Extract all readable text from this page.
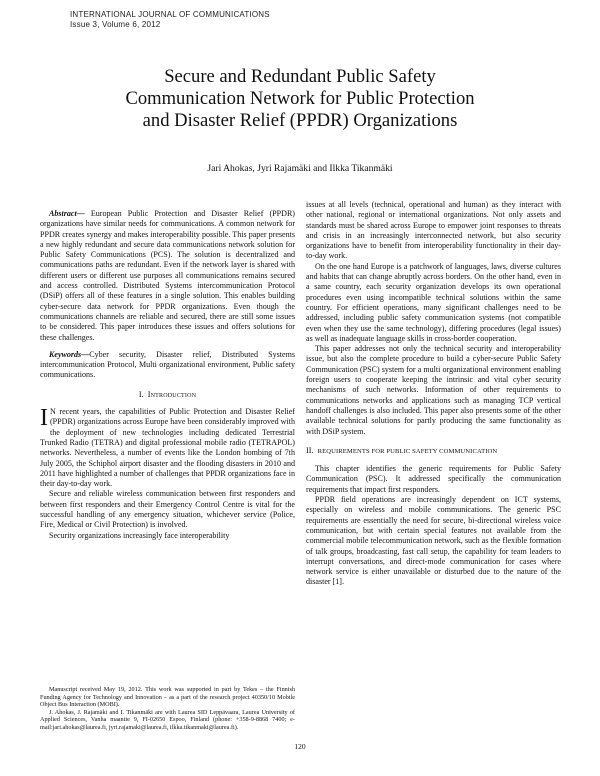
INTERNATIONAL JOURNAL OF COMMUNICATIONS
Issue 3, Volume 6, 2012
Secure and Redundant Public Safety
Communication Network for Public Protection
and Disaster Relief (PPDR) Organizations
Jari Ahokas, Jyri Rajamäki and Ilkka Tikanmäki

Abstract— European Public Protection and Disaster Relief (PPDR) organizations have similar needs for communications. A common network for PPDR creates synergy and makes interoperability possible. This paper presents a new highly redundant and secure data communications network solution for Public Safety Communications (PCS). The solution is decentralized and communications paths are redundant. Even if the network layer is shared with different users or different use purposes all communications remains secured and access controlled. Distributed Systems intercommunication Protocol (DSiP) offers all of these features in a single solution. This enables building cyber-secure data network for PPDR organizations. Even though the communications channels are reliable and secured, there are still some issues to be considered. This paper introduces these issues and offers solutions for these challenges.

Keywords—Cyber security, Disaster relief, Distributed Systems intercommunication Protocol, Multi organizational environment, Public safety communications.

I. Introduction

I N recent years, the capabilities of Public Protection and Disaster Relief (PPDR) organizations across Europe have been considerably improved with the deployment of new technologies including dedicated Terrestrial Trunked Radio (TETRA) and digital professional mobile radio (TETRAPOL) networks. Nevertheless, a number of events like the London bombing of 7th July 2005, the Schiphol airport disaster and the flooding disasters in 2010 and 2011 have highlighted a number of challenges that PPDR organizations face in their day-to-day work.

Secure and reliable wireless communication between first responders and between first responders and their Emergency Control Centre is vital for the successful handling of any emergency situation, whichever service (Police, Fire, Medical or Civil Protection) is involved.

Security organizations increasingly face interoperability

Manuscript received May 19, 2012. This work was supported in part by Tekes – the Finnish Funding Agency for Technology and Innovation – as a part of the research project 40350/10 Mobile Object Bus Interaction (MOBI).

J. Ahokas, J. Rajamäki and I. Tikanmäki are with Laurea SID Leppävaara, Laurea University of Applied Sciences, Vanha maantie 9, FI-02650 Espoo, Finland (phone: +358-9-8868 7400; e-mail:jari.ahokas@laurea.fi, jyri.rajamaki@laurea.fi, ilkka.tikanmaki@laurea.fi).

issues at all levels (technical, operational and human) as they interact with other national, regional or international organizations. Not only assets and standards must be shared across Europe to empower joint responses to threats and crisis in an increasingly interconnected network, but also security organizations have to benefit from interoperability functionality in their day-to-day work.

On the one hand Europe is a patchwork of languages, laws, diverse cultures and habits that can change abruptly across borders. On the other hand, even in a same country, each security organization develops its own operational procedures even using incompatible technical solutions within the same country. For efficient operations, many significant challenges need to be addressed, including public safety communication systems (not compatible even when they use the same technology), differing procedures (legal issues) as well as inadequate language skills in cross-border cooperation.

This paper addresses not only the technical security and interoperability issue, but also the complete procedure to build a cyber-secure Public Safety Communication (PSC) system for a multi organizational environment enabling foreign users to cooperate keeping the intrinsic and vital cyber security mechanisms of such networks. Information of other requirements to communications networks and applications such as managing TCP vertical handoff challenges is also included. This paper also presents some of the other available technical solutions for partly producing the same functionality as with DSiP system.

II. REQUIREMENTS FOR PUBLIC SAFETY COMMUNICATION

This chapter identifies the generic requirements for Public Safety Communication (PSC). It addressed specifically the communication requirements that impact first responders.

PPDR field operations are increasingly dependent on ICT systems, especially on wireless and mobile communications. The generic PSC requirements are essentially the need for secure, bi-directional wireless voice communication, but with certain special features not available from the commercial mobile telecommunication network, such as the flexible formation of talk groups, broadcasting, fast call setup, the capability for team leaders to interrupt conversations, and direct-mode communication for cases where network service is either unavailable or disturbed due to the nature of the disaster [1].

120
